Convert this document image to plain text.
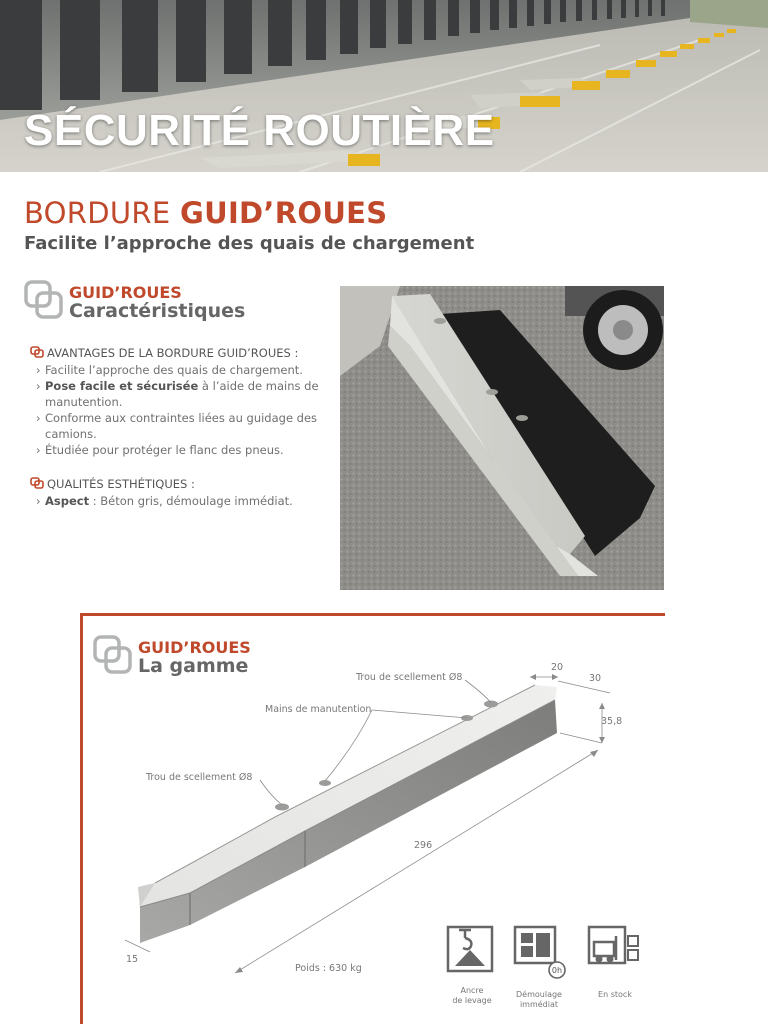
SÉCURITÉ ROUTIÈRE
BORDURE GUID’ROUES
Facilite l’approche des quais de chargement
GUID’ROUES
Caractéristiques
AVANTAGES DE LA BORDURE GUID’ROUES :
› Facilite l’approche des quais de chargement.
› Pose facile et sécurisée à l’aide de mains de manutention.
› Conforme aux contraintes liées au guidage des camions.
› Étudiée pour protéger le flanc des pneus.
QUALITÉS ESTHÉTIQUES :
› Aspect : Béton gris, démoulage immédiat.
GUID’ROUES
La gamme
Trou de scellement Ø8
Mains de manutention
Trou de scellement Ø8
20
30
35,8
296
15
Poids : 630 kg
Ancre
de levage
0h
Démoulage
immédiat
En stock
